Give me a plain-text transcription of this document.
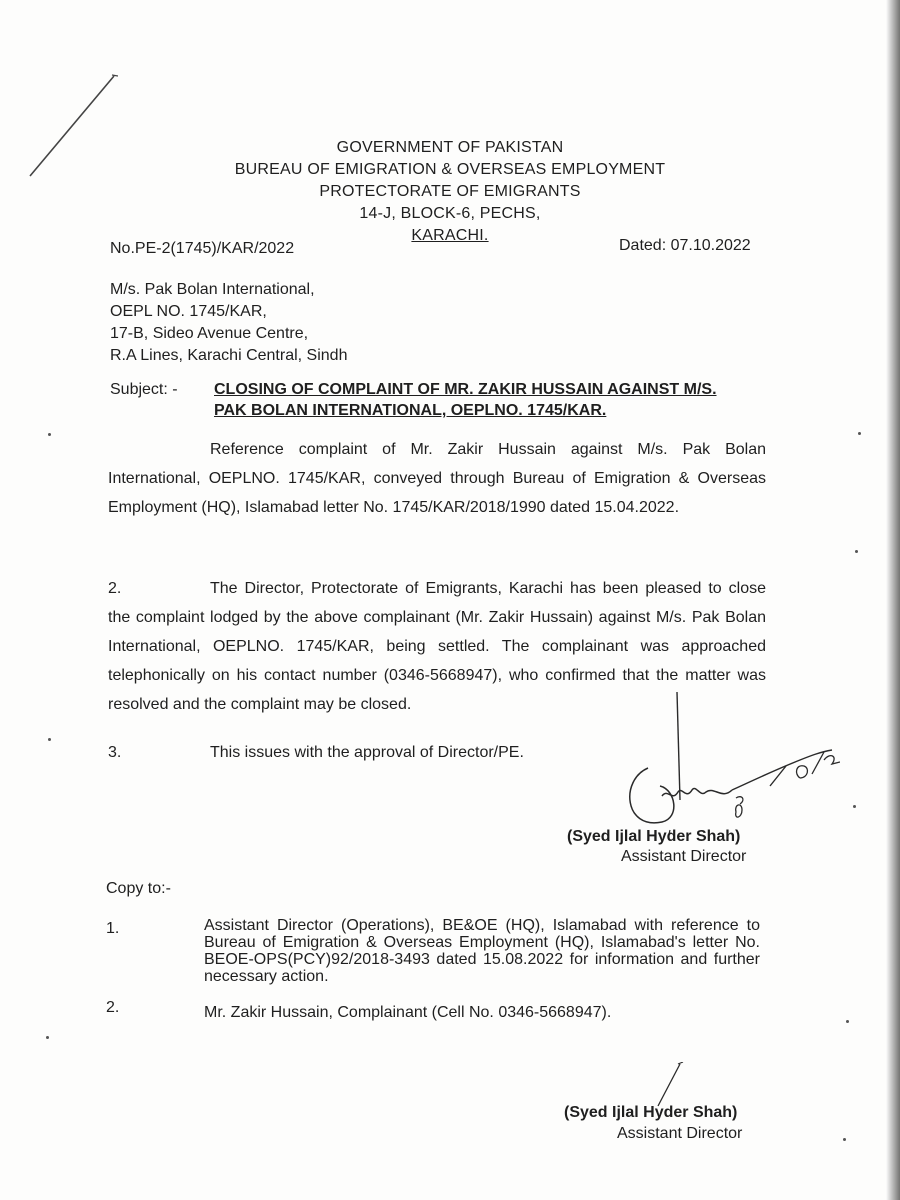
GOVERNMENT OF PAKISTAN
BUREAU OF EMIGRATION & OVERSEAS EMPLOYMENT
PROTECTORATE OF EMIGRANTS
14-J, BLOCK-6, PECHS,
KARACHI.
No.PE-2(1745)/KAR/2022	Dated: 07.10.2022
M/s. Pak Bolan International,
OEPL NO. 1745/KAR,
17-B, Sideo Avenue Centre,
R.A Lines, Karachi Central, Sindh
Subject: - CLOSING OF COMPLAINT OF MR. ZAKIR HUSSAIN AGAINST M/S.
PAK BOLAN INTERNATIONAL, OEPLNO. 1745/KAR.
Reference complaint of Mr. Zakir Hussain against M/s. Pak Bolan International, OEPLNO. 1745/KAR, conveyed through Bureau of Emigration & Overseas Employment (HQ), Islamabad letter No. 1745/KAR/2018/1990 dated 15.04.2022.
2.	The Director, Protectorate of Emigrants, Karachi has been pleased to close the complaint lodged by the above complainant (Mr. Zakir Hussain) against M/s. Pak Bolan International, OEPLNO. 1745/KAR, being settled. The complainant was approached telephonically on his contact number (0346-5668947), who confirmed that the matter was resolved and the complaint may be closed.
3.	This issues with the approval of Director/PE.
(Syed Ijlal Hyder Shah)
Assistant Director
Copy to:-
1.	Assistant Director (Operations), BE&OE (HQ), Islamabad with reference to Bureau of Emigration & Overseas Employment (HQ), Islamabad's letter No. BEOE-OPS(PCY)92/2018-3493 dated 15.08.2022 for information and further necessary action.
2.	Mr. Zakir Hussain, Complainant (Cell No. 0346-5668947).
(Syed Ijlal Hyder Shah)
Assistant Director
